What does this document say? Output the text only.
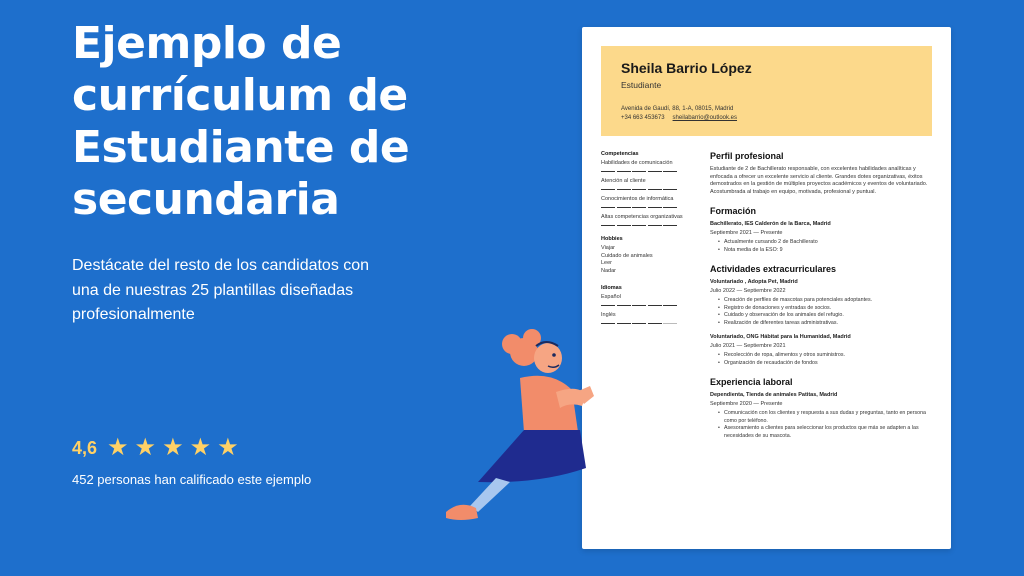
Ejemplo de currículum de Estudiante de secundaria

Destácate del resto de los candidatos con una de nuestras 25 plantillas diseñadas profesionalmente

4,6 ★ ★ ★ ★ ★

452 personas han calificado este ejemplo

Sheila Barrio López
Estudiante
Avenida de Gaudí, 88, 1-A, 08015, Madrid
+34 663 453673 sheilabarrio@outlook.es
Competencias
Habilidades de comunicación
Atención al cliente
Conocimientos de informática
Altas competencias organizativas
Hobbies
Viajar
Cuidado de animales
Leer
Nadar
Idiomas
Español
Inglés
Perfil profesional
Estudiante de 2 de Bachillerato responsable, con excelentes habilidades analíticas y enfocada a ofrecer un excelente servicio al cliente. Grandes dotes organizativas, éxitos demostrados en la gestión de múltiples proyectos académicos y eventos de voluntariado. Acostumbrada al trabajo en equipo, motivada, profesional y puntual.
Formación
Bachillerato, IES Calderón de la Barca, Madrid
Septiembre 2021 — Presente
• Actualmente cursando 2 de Bachillerato
• Nota media de la ESO: 9
Actividades extracurriculares
Voluntariado , Adopta Pet, Madrid
Julio 2022 — Septiembre 2022
• Creación de perfiles de mascotas para potenciales adoptantes.
• Registro de donaciones y entradas de socios.
• Cuidado y observación de los animales del refugio.
• Realización de diferentes tareas administrativas.
Voluntariado, ONG Hábitat para la Humanidad, Madrid
Julio 2021 — Septiembre 2021
• Recolección de ropa, alimentos y otros suministros.
• Organización de recaudación de fondos
Experiencia laboral
Dependienta, Tienda de animales Patitas, Madrid
Septiembre 2020 — Presente
• Comunicación con los clientes y respuesta a sus dudas y preguntas, tanto en persona como por teléfono.
• Asesoramiento a clientes para seleccionar los productos que más se adapten a las necesidades de su mascota.
